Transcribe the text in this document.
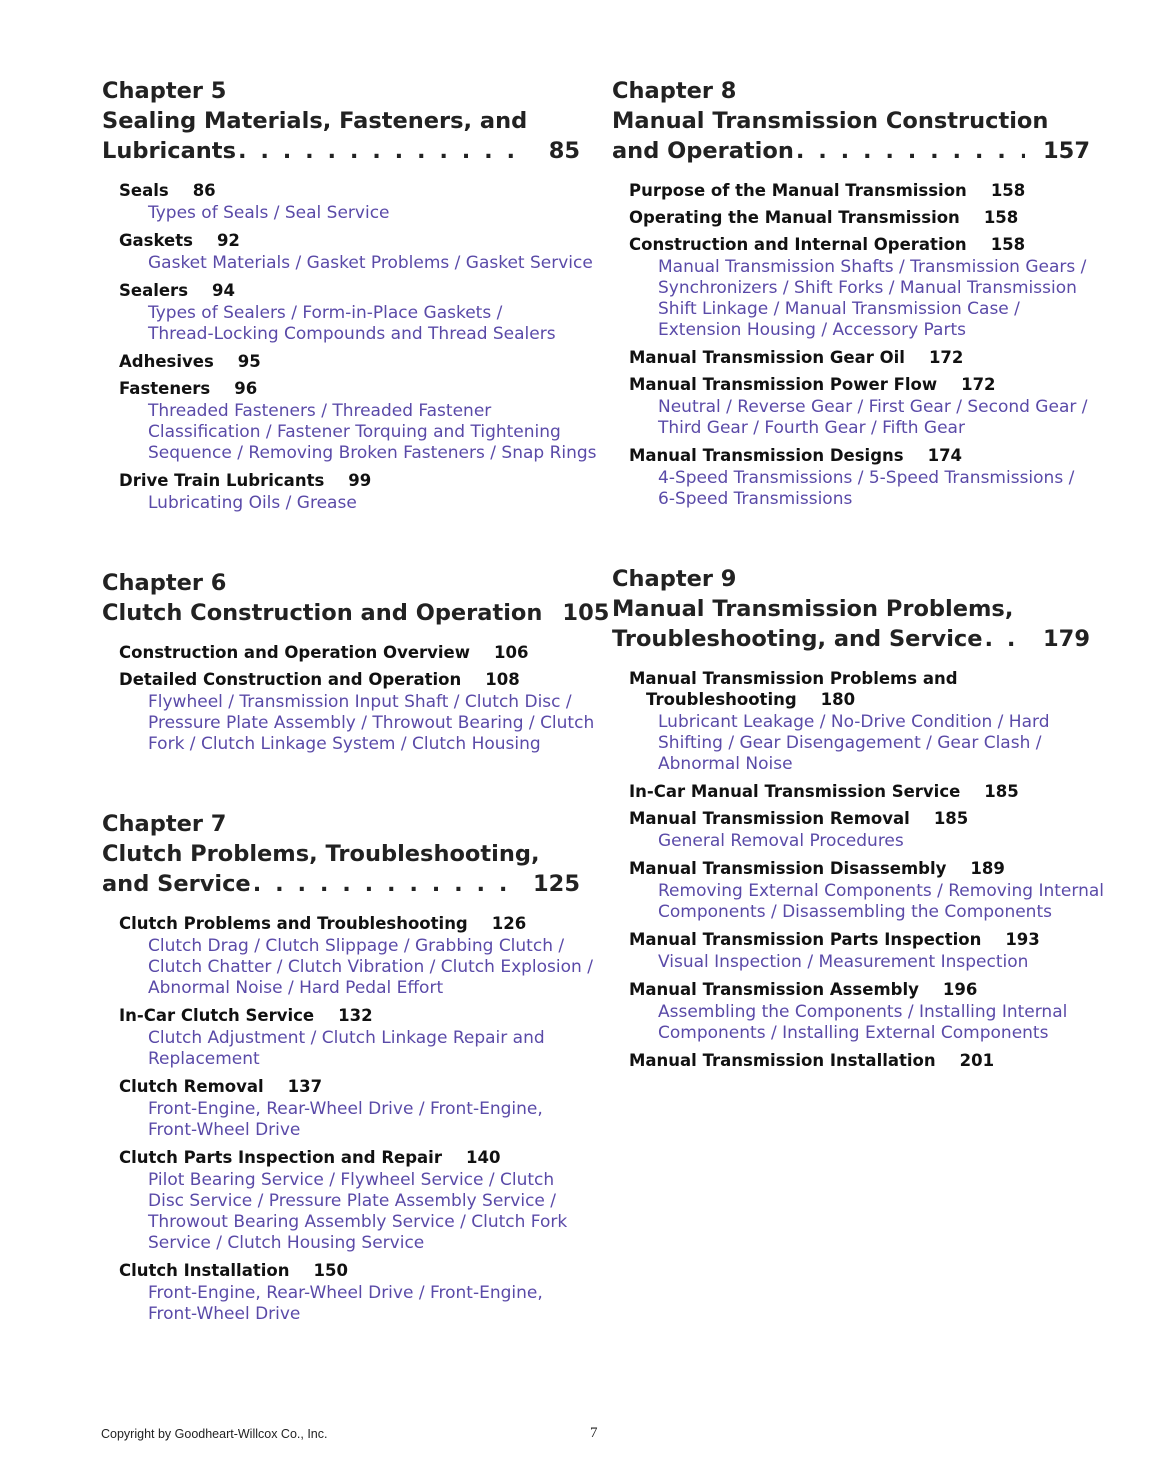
Chapter 5
Sealing Materials, Fasteners, and
Lubricants . . .	85
Seals 86
Types of Seals / Seal Service
Gaskets 92
Gasket Materials / Gasket Problems / Gasket Service
Sealers 94
Types of Sealers / Form-in-Place Gaskets /
Thread-Locking Compounds and Thread Sealers
Adhesives 95
Fasteners 96
Threaded Fasteners / Threaded Fastener
Classification / Fastener Torquing and Tightening
Sequence / Removing Broken Fasteners / Snap Rings
Drive Train Lubricants 99
Lubricating Oils / Grease
Chapter 6
Clutch Construction and Operation . . . 105
Construction and Operation Overview 106
Detailed Construction and Operation 108
Flywheel / Transmission Input Shaft / Clutch Disc /
Pressure Plate Assembly / Throwout Bearing / Clutch
Fork / Clutch Linkage System / Clutch Housing
Chapter 7
Clutch Problems, Troubleshooting,
and Service . . .	125
Clutch Problems and Troubleshooting 126
Clutch Drag / Clutch Slippage / Grabbing Clutch /
Clutch Chatter / Clutch Vibration / Clutch Explosion /
Abnormal Noise / Hard Pedal Effort
In-Car Clutch Service 132
Clutch Adjustment / Clutch Linkage Repair and
Replacement
Clutch Removal 137
Front-Engine, Rear-Wheel Drive / Front-Engine,
Front-Wheel Drive
Clutch Parts Inspection and Repair 140
Pilot Bearing Service / Flywheel Service / Clutch
Disc Service / Pressure Plate Assembly Service /
Throwout Bearing Assembly Service / Clutch Fork
Service / Clutch Housing Service
Clutch Installation 150
Front-Engine, Rear-Wheel Drive / Front-Engine,
Front-Wheel Drive
Chapter 8
Manual Transmission Construction
and Operation . . .	157
Purpose of the Manual Transmission 158
Operating the Manual Transmission 158
Construction and Internal Operation 158
Manual Transmission Shafts / Transmission Gears /
Synchronizers / Shift Forks / Manual Transmission
Shift Linkage / Manual Transmission Case /
Extension Housing / Accessory Parts
Manual Transmission Gear Oil 172
Manual Transmission Power Flow 172
Neutral / Reverse Gear / First Gear / Second Gear /
Third Gear / Fourth Gear / Fifth Gear
Manual Transmission Designs 174
4-Speed Transmissions / 5-Speed Transmissions /
6-Speed Transmissions
Chapter 9
Manual Transmission Problems,
Troubleshooting, and Service . . .	179
Manual Transmission Problems and
Troubleshooting 180
Lubricant Leakage / No-Drive Condition / Hard
Shifting / Gear Disengagement / Gear Clash /
Abnormal Noise
In-Car Manual Transmission Service 185
Manual Transmission Removal 185
General Removal Procedures
Manual Transmission Disassembly 189
Removing External Components / Removing Internal
Components / Disassembling the Components
Manual Transmission Parts Inspection 193
Visual Inspection / Measurement Inspection
Manual Transmission Assembly 196
Assembling the Components / Installing Internal
Components / Installing External Components
Manual Transmission Installation 201
Copyright by Goodheart-Willcox Co., Inc.	7
